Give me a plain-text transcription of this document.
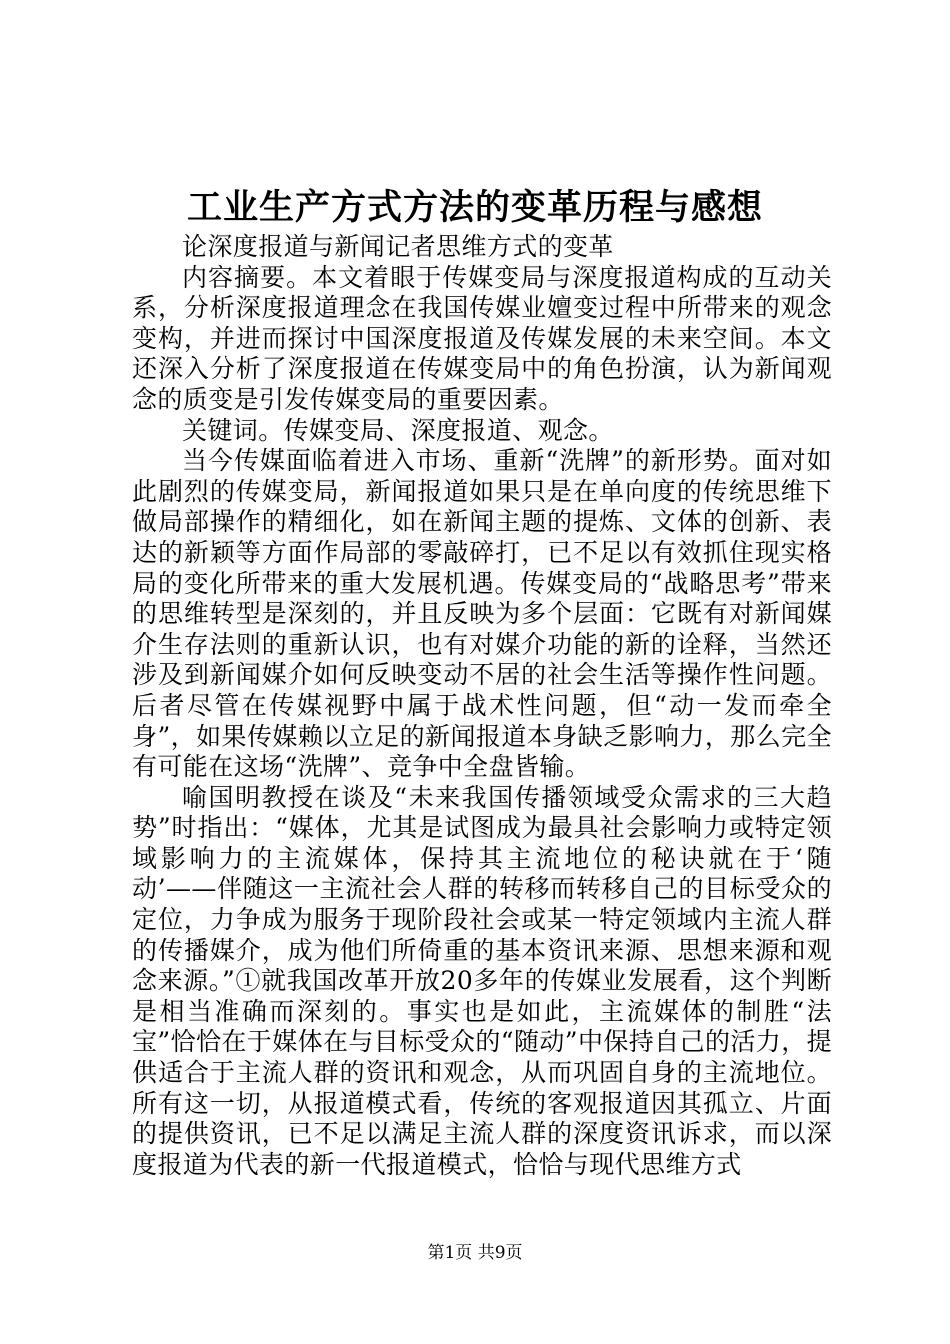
工业生产方式方法的变革历程与感想

论深度报道与新闻记者思维方式的变革

内容摘要。本文着眼于传媒变局与深度报道构成的互动关系，分析深度报道理念在我国传媒业嬗变过程中所带来的观念变构，并进而探讨中国深度报道及传媒发展的未来空间。本文还深入分析了深度报道在传媒变局中的角色扮演，认为新闻观念的质变是引发传媒变局的重要因素。

关键词。传媒变局、深度报道、观念。

当今传媒面临着进入市场、重新“洗牌”的新形势。面对如此剧烈的传媒变局，新闻报道如果只是在单向度的传统思维下做局部操作的精细化，如在新闻主题的提炼、文体的创新、表达的新颖等方面作局部的零敲碎打，已不足以有效抓住现实格局的变化所带来的重大发展机遇。传媒变局的“战略思考”带来的思维转型是深刻的，并且反映为多个层面：它既有对新闻媒介生存法则的重新认识，也有对媒介功能的新的诠释，当然还涉及到新闻媒介如何反映变动不居的社会生活等操作性问题。后者尽管在传媒视野中属于战术性问题，但“动一发而牵全身”，如果传媒赖以立足的新闻报道本身缺乏影响力，那么完全有可能在这场“洗牌”、竞争中全盘皆输。

喻国明教授在谈及“未来我国传播领域受众需求的三大趋势”时指出：“媒体，尤其是试图成为最具社会影响力或特定领域影响力的主流媒体，保持其主流地位的秘诀就在于‘随动’——伴随这一主流社会人群的转移而转移自己的目标受众的定位，力争成为服务于现阶段社会或某一特定领域内主流人群的传播媒介，成为他们所倚重的基本资讯来源、思想来源和观念来源。”①就我国改革开放20多年的传媒业发展看，这个判断是相当准确而深刻的。事实也是如此，主流媒体的制胜“法宝”恰恰在于媒体在与目标受众的“随动”中保持自己的活力，提供适合于主流人群的资讯和观念，从而巩固自身的主流地位。所有这一切，从报道模式看，传统的客观报道因其孤立、片面的提供资讯，已不足以满足主流人群的深度资讯诉求，而以深度报道为代表的新一代报道模式，恰恰与现代思维方式

第1页 共9页
